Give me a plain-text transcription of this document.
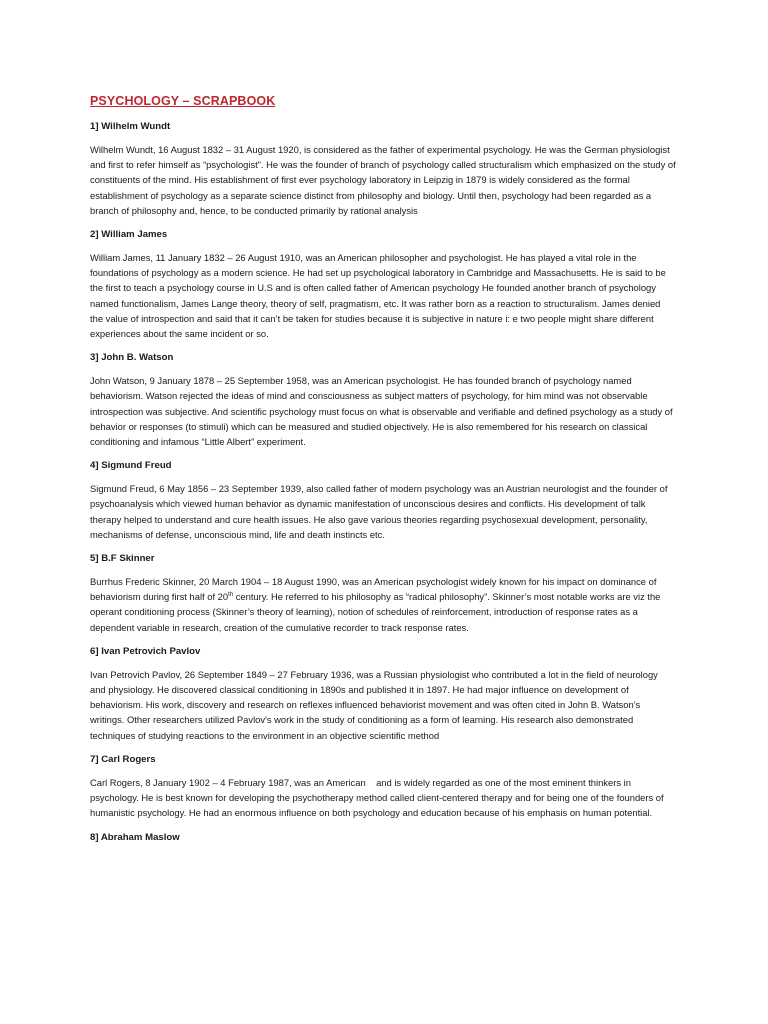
PSYCHOLOGY – SCRAPBOOK
1] Wilhelm Wundt
Wilhelm Wundt, 16 August 1832 – 31 August 1920, is considered as the father of experimental psychology. He was the German physiologist and first to refer himself as “psychologist”. He was the founder of branch of psychology called structuralism which emphasized on the study of constituents of the mind. His establishment of first ever psychology laboratory in Leipzig in 1879 is widely considered as the formal establishment of psychology as a separate science distinct from philosophy and biology. Until then, psychology had been regarded as a branch of philosophy and, hence, to be conducted primarily by rational analysis
2] William James
William James, 11 January 1832 – 26 August 1910, was an American philosopher and psychologist. He has played a vital role in the foundations of psychology as a modern science. He had set up psychological laboratory in Cambridge and Massachusetts. He is said to be the first to teach a psychology course in U.S and is often called father of American psychology He founded another branch of psychology named functionalism, James Lange theory, theory of self, pragmatism, etc. It was rather born as a reaction to structuralism. James denied the value of introspection and said that it can’t be taken for studies because it is subjective in nature i: e two people might share different experiences about the same incident or so.
3] John B. Watson
John Watson, 9 January 1878 – 25 September 1958, was an American psychologist. He has founded branch of psychology named behaviorism. Watson rejected the ideas of mind and consciousness as subject matters of psychology, for him mind was not observable introspection was subjective. And scientific psychology must focus on what is observable and verifiable and defined psychology as a study of behavior or responses (to stimuli) which can be measured and studied objectively. He is also remembered for his research on classical conditioning and infamous “Little Albert” experiment.
4] Sigmund Freud
Sigmund Freud, 6 May 1856 – 23 September 1939, also called father of modern psychology was an Austrian neurologist and the founder of psychoanalysis which viewed human behavior as dynamic manifestation of unconscious desires and conflicts. His development of talk therapy helped to understand and cure health issues. He also gave various theories regarding psychosexual development, personality, mechanisms of defense, unconscious mind, life and death instincts etc.
5] B.F Skinner
Burrhus Frederic Skinner, 20 March 1904 – 18 August 1990, was an American psychologist widely known for his impact on dominance of behaviorism during first half of 20th century. He referred to his philosophy as “radical philosophy”. Skinner’s most notable works are viz the operant conditioning process (Skinner’s theory of learning), notion of schedules of reinforcement, introduction of response rates as a dependent variable in research, creation of the cumulative recorder to track response rates.
6] Ivan Petrovich Pavlov
Ivan Petrovich Pavlov, 26 September 1849 – 27 February 1936, was a Russian physiologist who contributed a lot in the field of neurology and physiology. He discovered classical conditioning in 1890s and published it in 1897. He had major influence on development of behaviorism. His work, discovery and research on reflexes influenced behaviorist movement and was often cited in John B. Watson's writings. Other researchers utilized Pavlov's work in the study of conditioning as a form of learning. His research also demonstrated techniques of studying reactions to the environment in an objective scientific method
7] Carl Rogers
Carl Rogers, 8 January 1902 – 4 February 1987, was an American    and is widely regarded as one of the most eminent thinkers in psychology. He is best known for developing the psychotherapy method called client-centered therapy and for being one of the founders of humanistic psychology. He had an enormous influence on both psychology and education because of his emphasis on human potential.
8] Abraham Maslow
